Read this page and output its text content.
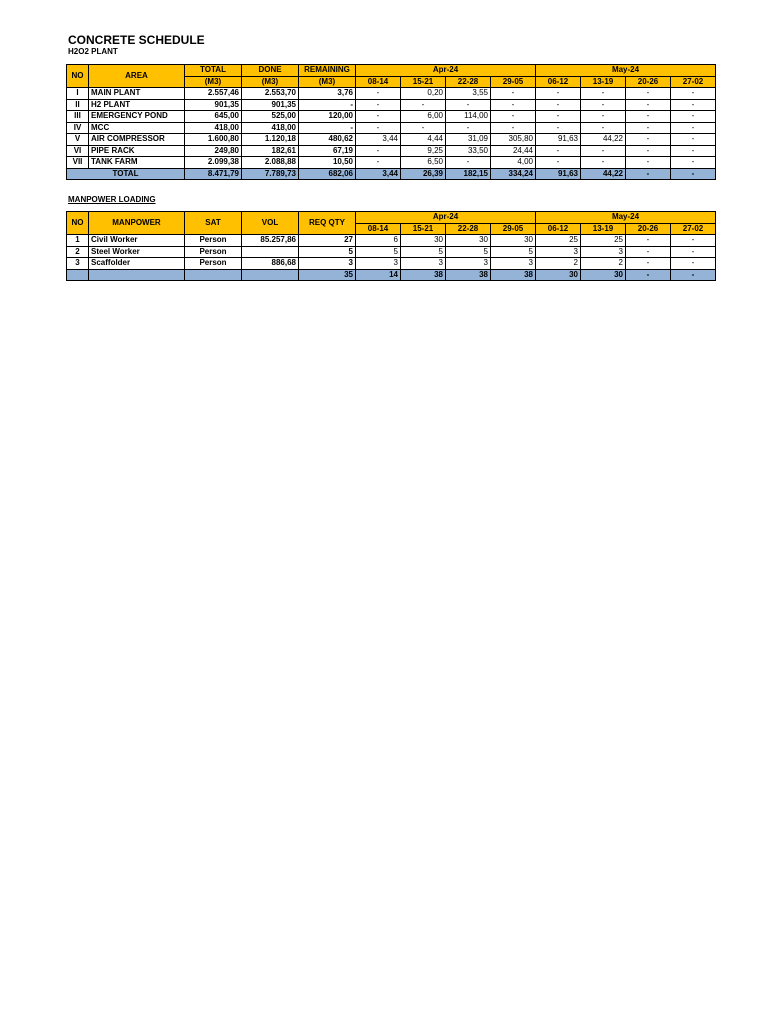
CONCRETE SCHEDULE
H2O2 PLANT
NO	AREA	TOTAL	DONE	REMAINING	Apr-24				May-24			
		(M3)	(M3)	(M3)	08-14	15-21	22-28	29-05	06-12	13-19	20-26	27-02
I	MAIN PLANT	2.557,46	2.553,70	3,76	-	0,20	3,55	-	-	-	-	-
II	H2 PLANT	901,35	901,35	-	-	-	-	-	-	-	-	-
III	EMERGENCY POND	645,00	525,00	120,00	-	6,00	114,00	-	-	-	-	-
IV	MCC	418,00	418,00	-	-	-	-	-	-	-	-	-
V	AIR COMPRESSOR	1.600,80	1.120,18	480,62	3,44	4,44	31,09	305,80	91,63	44,22	-	-
VI	PIPE RACK	249,80	182,61	67,19	-	9,25	33,50	24,44	-	-	-	-
VII	TANK FARM	2.099,38	2.088,88	10,50	-	6,50	-	4,00	-	-	-	-
TOTAL		8.471,79	7.789,73	682,06	3,44	26,39	182,15	334,24	91,63	44,22	-	-
MANPOWER LOADING
NO	MANPOWER	SAT	VOL	REQ QTY	Apr-24				May-24			
					08-14	15-21	22-28	29-05	06-12	13-19	20-26	27-02
1	Civil Worker	Person	85.257,86	27	6	30	30	30	25	25	-	-
2	Steel Worker	Person		5	5	5	5	5	3	3	-	-
3	Scaffolder	Person	886,68	3	3	3	3	3	2	2	-	-
				35	14	38	38	38	30	30	-	-
